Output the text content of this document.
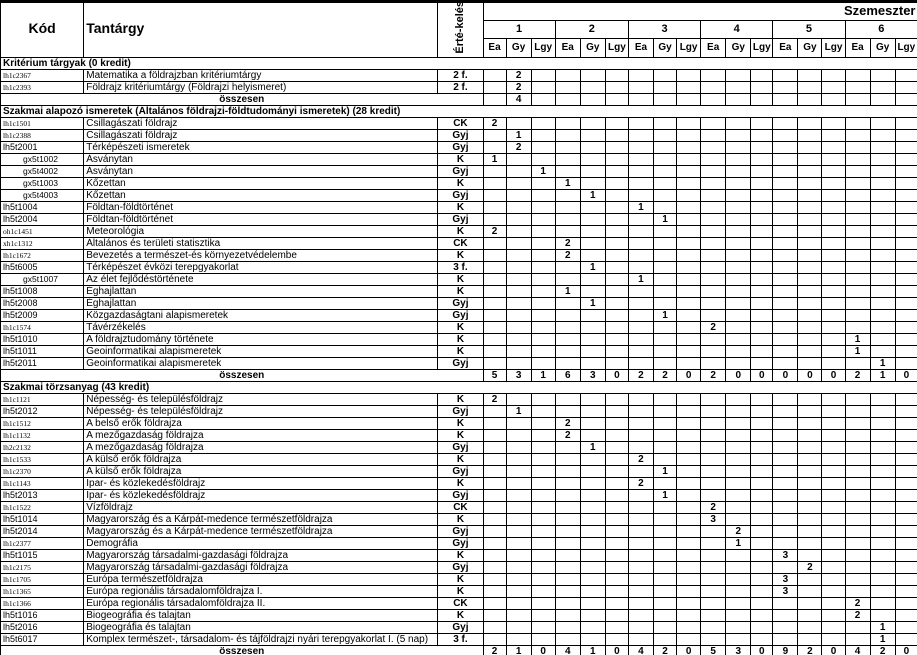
Kód	Tantárgy	Érté-kelés	Szemeszter																	
			1			2			3			4			5			6		
			Ea	Gy	Lgy	Ea	Gy	Lgy	Ea	Gy	Lgy	Ea	Gy	Lgy	Ea	Gy	Lgy	Ea	Gy	Lgy
Kritérium tárgyak (0 kredit)																				
lh1c2367	Matematika a földrajzban kritériumtárgy	2 f.		2																
lh1c2393	Földrajz kritériumtárgy (Földrajzi helyismeret)	2 f.		2																
összesen				4																
Szakmai alapozó ismeretek (Általános földrajzi-földtudományi ismeretek) (28 kredit)																				
lh1c1501	Csillagászati földrajz	CK	2																	
lh1c2388	Csillagászati földrajz	Gyj		1																
lh5t2001	Térképészeti ismeretek	Gyj		2																
gx5t1002	Ásványtan	K	1																	
gx5t4002	Ásványtan	Gyj			1															
gx5t1003	Kőzettan	K				1														
gx5t4003	Kőzettan	Gyj					1													
lh5t1004	Földtan-földtörténet	K							1											
lh5t2004	Földtan-földtörténet	Gyj								1										
oh1c1451	Meteorológia	K	2																	
xh1c1312	Általános és területi statisztika	CK				2														
lh1c1672	Bevezetés a természet-és környezetvédelembe	K				2														
lh5t6005	Térképészet évközi terepgyakorlat	3 f.					1													
gx5t1007	Az élet fejlődéstörténete	K							1											
lh5t1008	Éghajlattan	K				1														
lh5t2008	Éghajlattan	Gyj					1													
lh5t2009	Közgazdaságtani alapismeretek	Gyj								1										
lh1c1574	Távérzékelés	K										2								
lh5t1010	A földrajztudomány története	K																1		
lh5t1011	Geoinformatikai alapismeretek	K																1		
lh5t2011	Geoinformatikai alapismeretek	Gyj																	1	
összesen			5	3	1	6	3	0	2	2	0	2	0	0	0	0	0	2	1	0
Szakmai törzsanyag (43 kredit)																				
lh1c1121	Népesség- és településföldrajz	K	2																	
lh5t2012	Népesség- és településföldrajz	Gyj		1																
lh1c1512	A belső erők földrajza	K				2														
lh1c1132	A mezőgazdaság földrajza	K				2														
lh2c2132	A mezőgazdaság földrajza	Gyj					1													
lh1c1533	A külső erők földrajza	K							2											
lh1c2370	A külső erők földrajza	Gyj								1										
lh1c1143	Ipar- és közlekedésföldrajz	K							2											
lh5t2013	Ipar- és közlekedésföldrajz	Gyj								1										
lh1c1522	Vízföldrajz	CK										2								
lh5t1014	Magyarország és a Kárpát-medence természetföldrajza	K										3								
lh5t2014	Magyarország és a Kárpát-medence természetföldrajza	Gyj											2							
lh1c2377	Demográfia	Gyj											1							
lh5t1015	Magyarország társadalmi-gazdasági földrajza	K													3					
lh1c2175	Magyarország társadalmi-gazdasági földrajza	Gyj														2				
lh1c1705	Európa természetföldrajza	K													3					
lh1c1365	Európa regionális társadalomföldrajza I.	K													3					
lh1c1366	Európa regionális társadalomföldrajza II.	CK																2		
lh5t1016	Biogeográfia és talajtan	K																2		
lh5t2016	Biogeográfia és talajtan	Gyj																	1	
lh5t6017	Komplex természet-, társadalom- és tájföldrajzi nyári terepgyakorlat I. (5 nap)	3 f.																	1	
összesen			2	1	0	4	1	0	4	2	0	5	3	0	9	2	0	4	2	0
